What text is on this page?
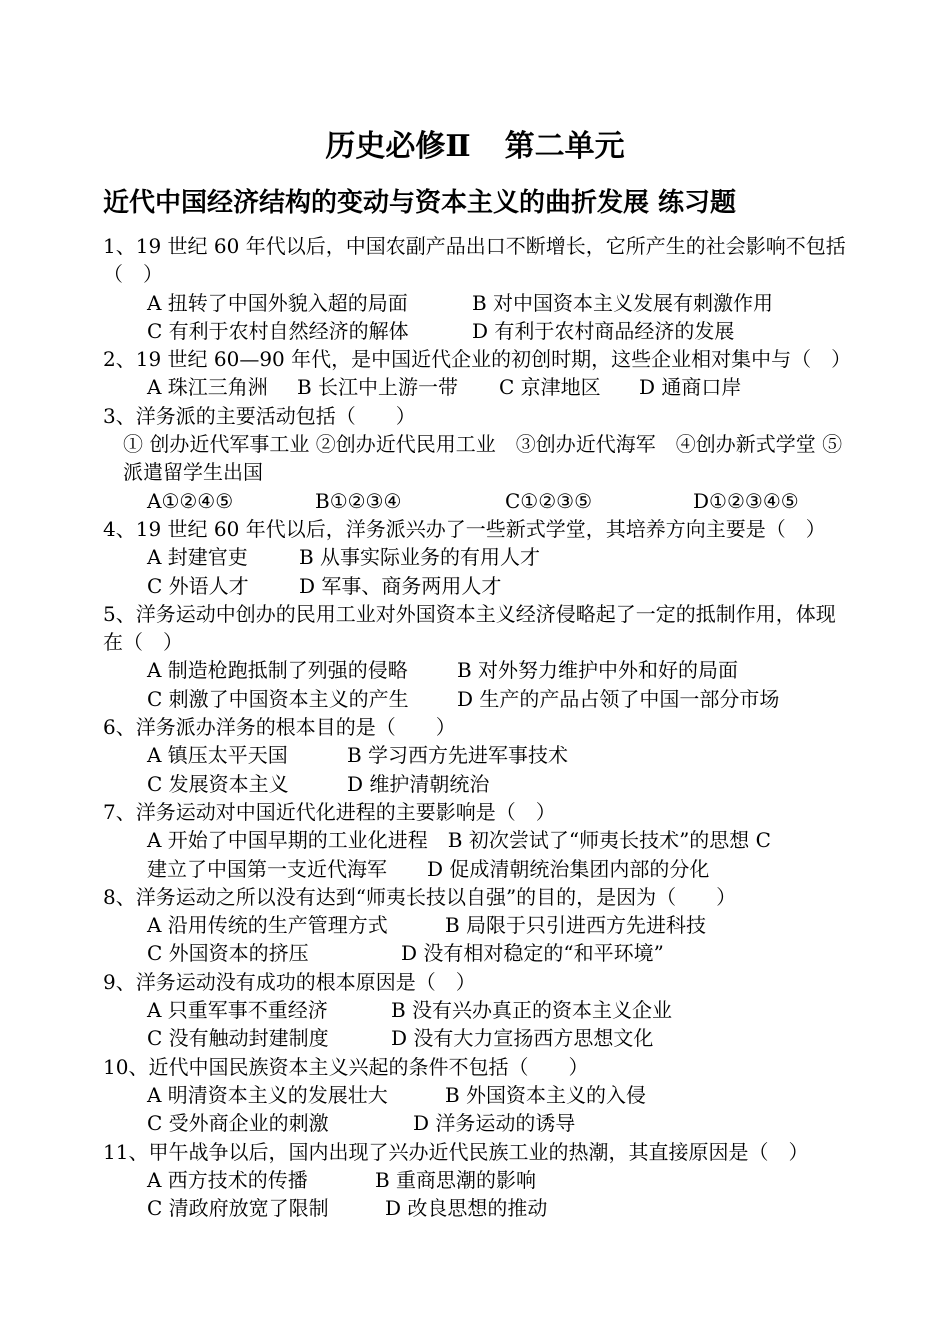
历史必修Ⅱ 第二单元
近代中国经济结构的变动与资本主义的曲折发展 练习题

1、19 世纪 60 年代以后，中国农副产品出口不断增长，它所产生的社会影响不包括（　）

A 扭转了中国外貌入超的局面	B 对中国资本主义发展有刺激作用

C 有利于农村自然经济的解体	D 有利于农村商品经济的发展

2、19 世纪 60—90 年代，是中国近代企业的初创时期，这些企业相对集中与（　）

A 珠江三角洲 B 长江中上游一带 C 京津地区 D 通商口岸

3、洋务派的主要活动包括（　　）

① 创办近代军事工业 ②创办近代民用工业　③创办近代海军　④创办新式学堂 ⑤派遣留学生出国

A①②④⑤	B①②③④	C①②③⑤	D①②③④⑤

4、19 世纪 60 年代以后，洋务派兴办了一些新式学堂，其培养方向主要是（　）

A 封建官吏	B 从事实际业务的有用人才

C 外语人才	D 军事、商务两用人才

5、洋务运动中创办的民用工业对外国资本主义经济侵略起了一定的抵制作用，体现在（　）

A 制造枪跑抵制了列强的侵略 B 对外努力维护中外和好的局面

C 刺激了中国资本主义的产生 D 生产的产品占领了中国一部分市场

6、洋务派办洋务的根本目的是（　　）

A 镇压太平天国	B 学习西方先进军事技术

C 发展资本主义	D 维护清朝统治

7、洋务运动对中国近代化进程的主要影响是（　）

A 开始了中国早期的工业化进程　B 初次尝试了“师夷长技术”的思想 C

建立了中国第一支近代海军　　D 促成清朝统治集团内部的分化

8、洋务运动之所以没有达到“师夷长技以自强”的目的，是因为（　　）

A 沿用传统的生产管理方式	B 局限于只引进西方先进科技

C 外国资本的挤压	D 没有相对稳定的“和平环境”

9、洋务运动没有成功的根本原因是（　）

A 只重军事不重经济	B 没有兴办真正的资本主义企业

C 没有触动封建制度	D 没有大力宣扬西方思想文化

10、近代中国民族资本主义兴起的条件不包括（　　）

A 明清资本主义的发展壮大	B 外国资本主义的入侵

C 受外商企业的刺激	D 洋务运动的诱导

11、甲午战争以后，国内出现了兴办近代民族工业的热潮，其直接原因是（　）

A 西方技术的传播	B 重商思潮的影响

C 清政府放宽了限制	D 改良思想的推动
